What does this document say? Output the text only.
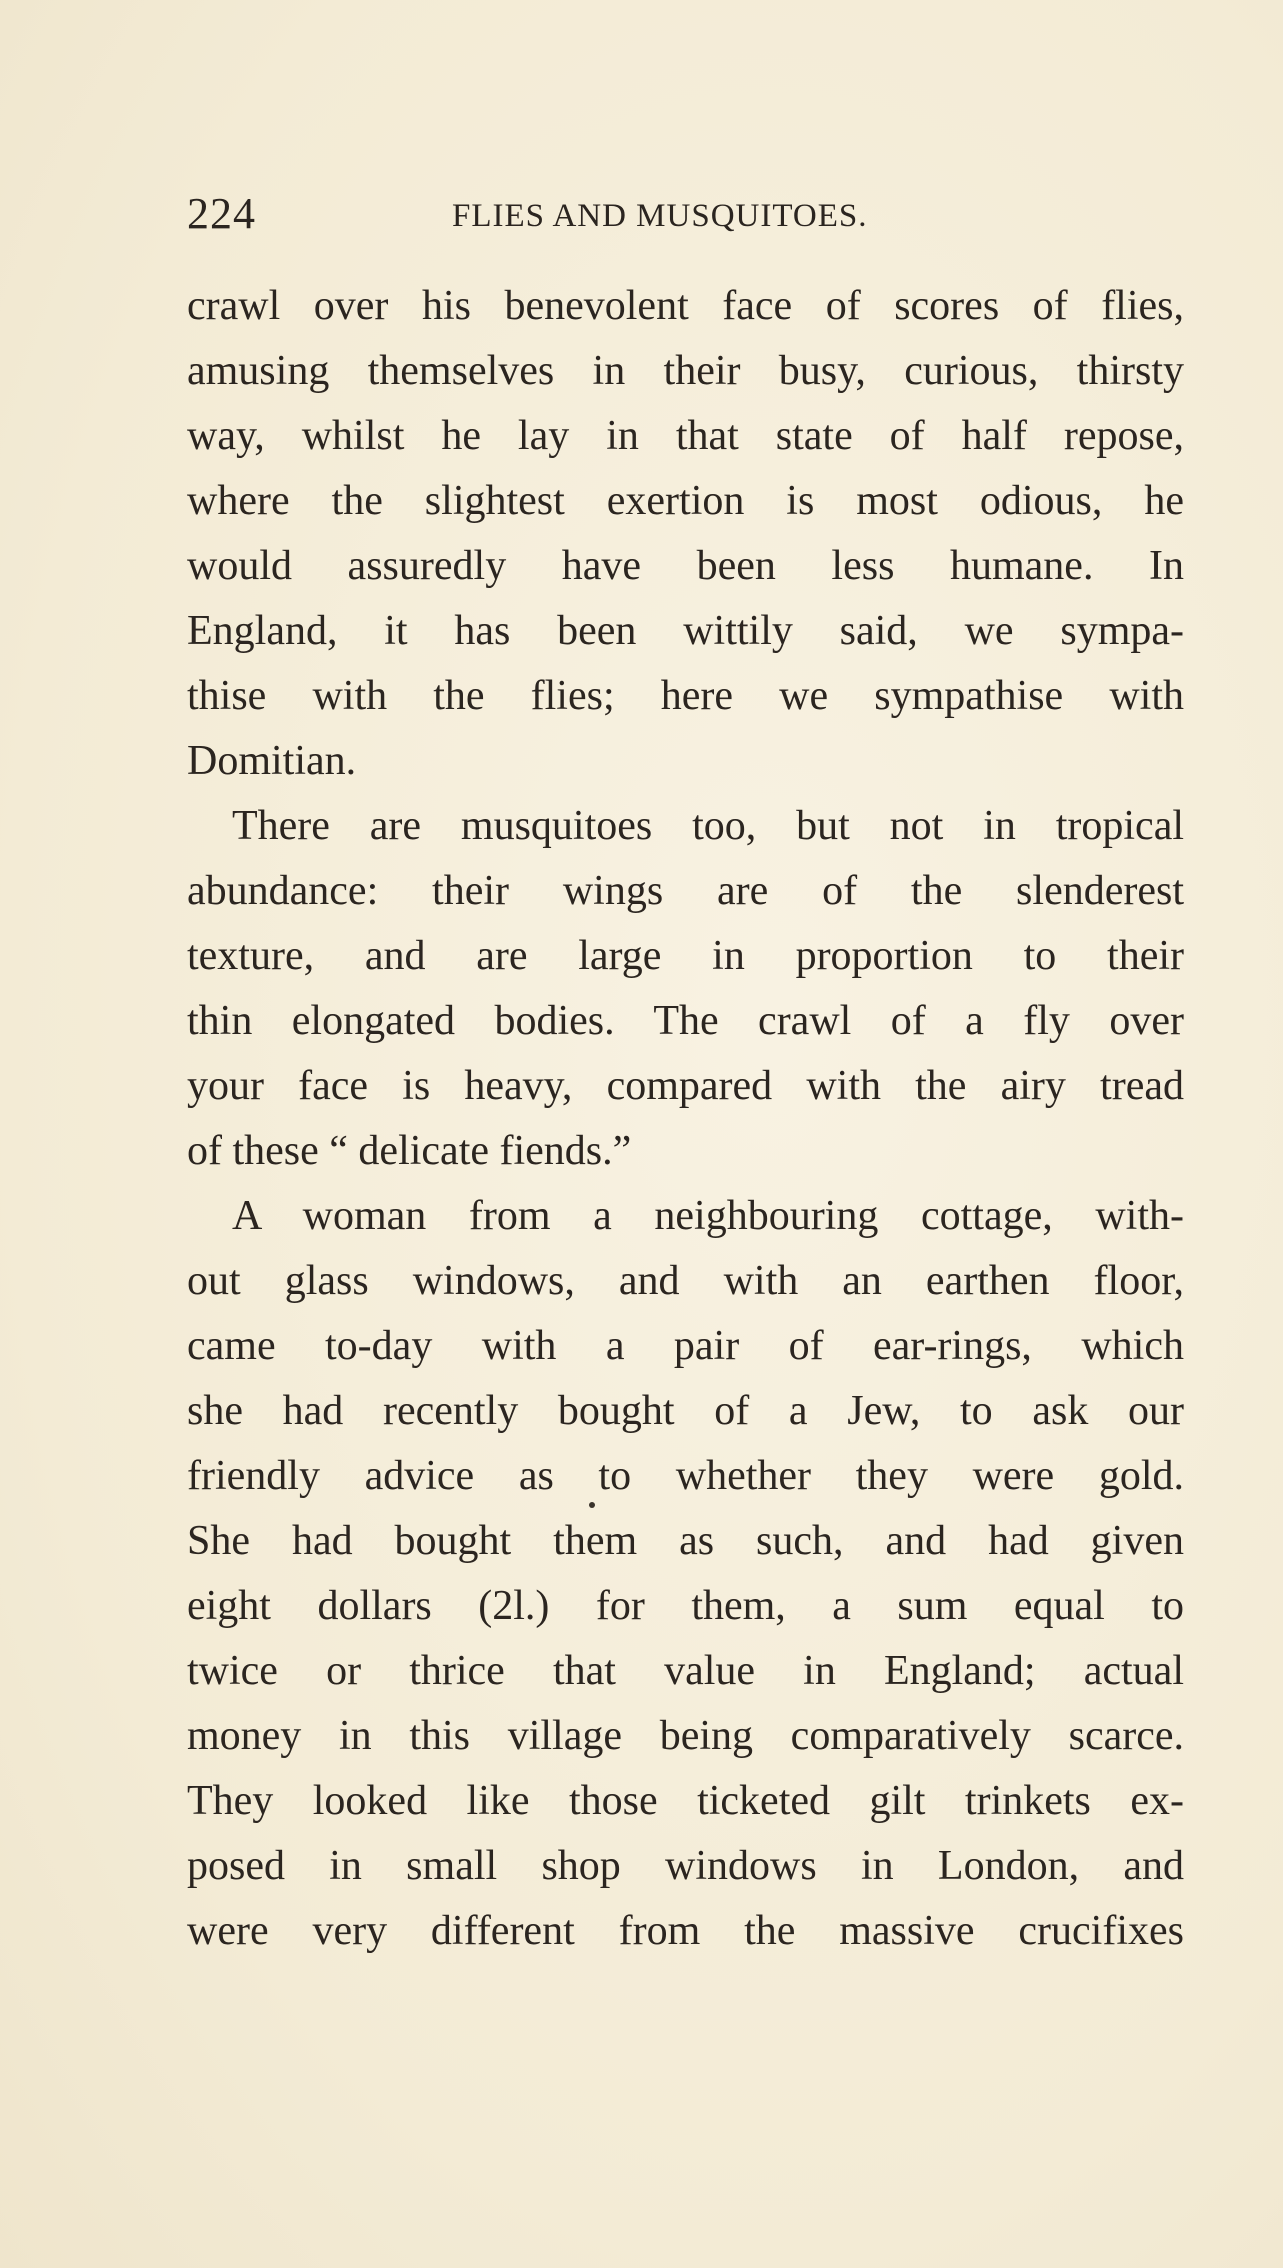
224	FLIES AND MUSQUITOES.
crawl over his benevolent face of scores of flies,
amusing themselves in their busy, curious, thirsty
way, whilst he lay in that state of half repose,
where the slightest exertion is most odious, he
would assuredly have been less humane. In
England, it has been wittily said, we sympa-
thise with the flies; here we sympathise with
Domitian.
There are musquitoes too, but not in tropical
abundance: their wings are of the slenderest
texture, and are large in proportion to their
thin elongated bodies. The crawl of a fly over
your face is heavy, compared with the airy tread
of these “ delicate fiends.”
A woman from a neighbouring cottage, with-
out glass windows, and with an earthen floor,
came to-day with a pair of ear-rings, which
she had recently bought of a Jew, to ask our
friendly advice as to whether they were gold.
She had bought them as such, and had given
eight dollars (2l.) for them, a sum equal to
twice or thrice that value in England; actual
money in this village being comparatively scarce.
They looked like those ticketed gilt trinkets ex-
posed in small shop windows in London, and
were very different from the massive crucifixes
